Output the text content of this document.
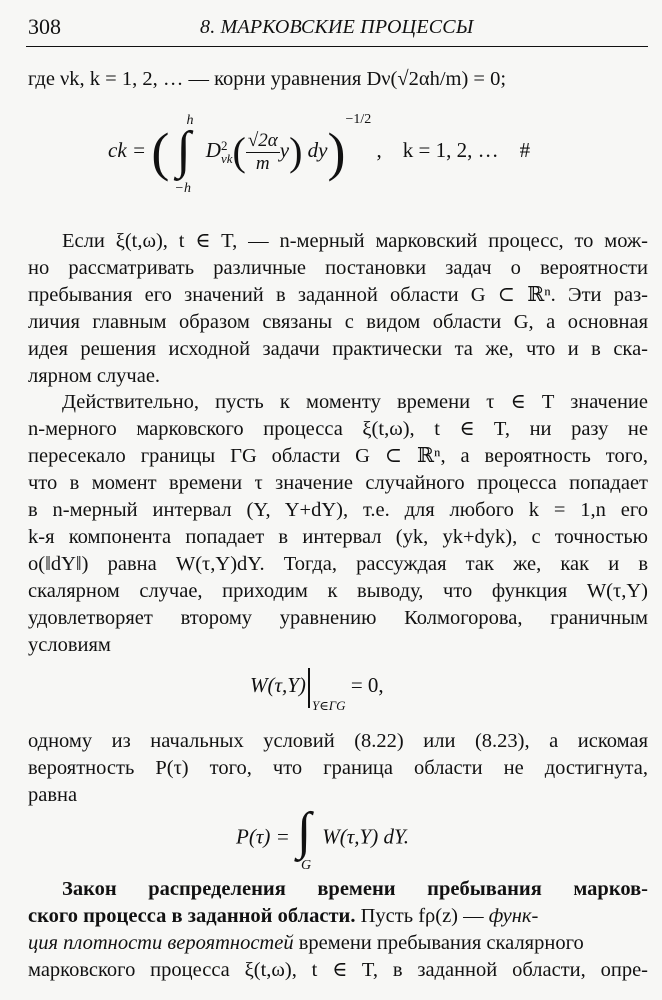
308	8. МАРКОВСКИЕ ПРОЦЕССЫ
где νk, k = 1, 2, … — корни уравнения Dν(√2αh/m) = 0;
ck = (
h
∫
−h
D 2
νk ( $\frac{√2\alpha}{m} y$) dy)$^{-1/2}$ ,    k = 1, 2, …    #
Если ξ(t,ω), t ∈ T, — n-мерный марковский процесс, то мож-
но рассматривать различные постановки задач о вероятности
пребывания его значений в заданной области G ⊂ ℝⁿ. Эти раз-
личия главным образом связаны с видом области G, а основная
идея решения исходной задачи практически та же, что и в ска-
лярном случае.
Действительно, пусть к моменту времени τ ∈ T значение
n-мерного марковского процесса ξ(t,ω), t ∈ T, ни разу не
пересекало границы ΓG области G ⊂ ℝⁿ, а вероятность того,
что в момент времени τ значение случайного процесса попадает
в n-мерный интервал (Y, Y+dY), т.е. для любого k = 1,n его
k-я компонента попадает в интервал (yk, yk+dyk), с точностью
o(‖dY‖) равна W(τ,Y)dY. Тогда, рассуждая так же, как и в
скалярном случае, приходим к выводу, что функция W(τ,Y)
удовлетворяет второму уравнению Колмогорова, граничным
условиям
$W(\tau,Y)_{Y\in\Gamma G} = 0$,
одному из начальных условий (8.22) или (8.23), а искомая
вероятность P(τ) того, что граница области не достигнута,
равна
P(τ) = ∫
G
W(τ,Y) dY.
Закон распределения времени пребывания марков-
ского процесса в заданной области. Пусть fρ(z) — функ-
ция плотности вероятностей времени пребывания скалярного
марковского процесса ξ(t,ω), t ∈ T, в заданной области, опре-
